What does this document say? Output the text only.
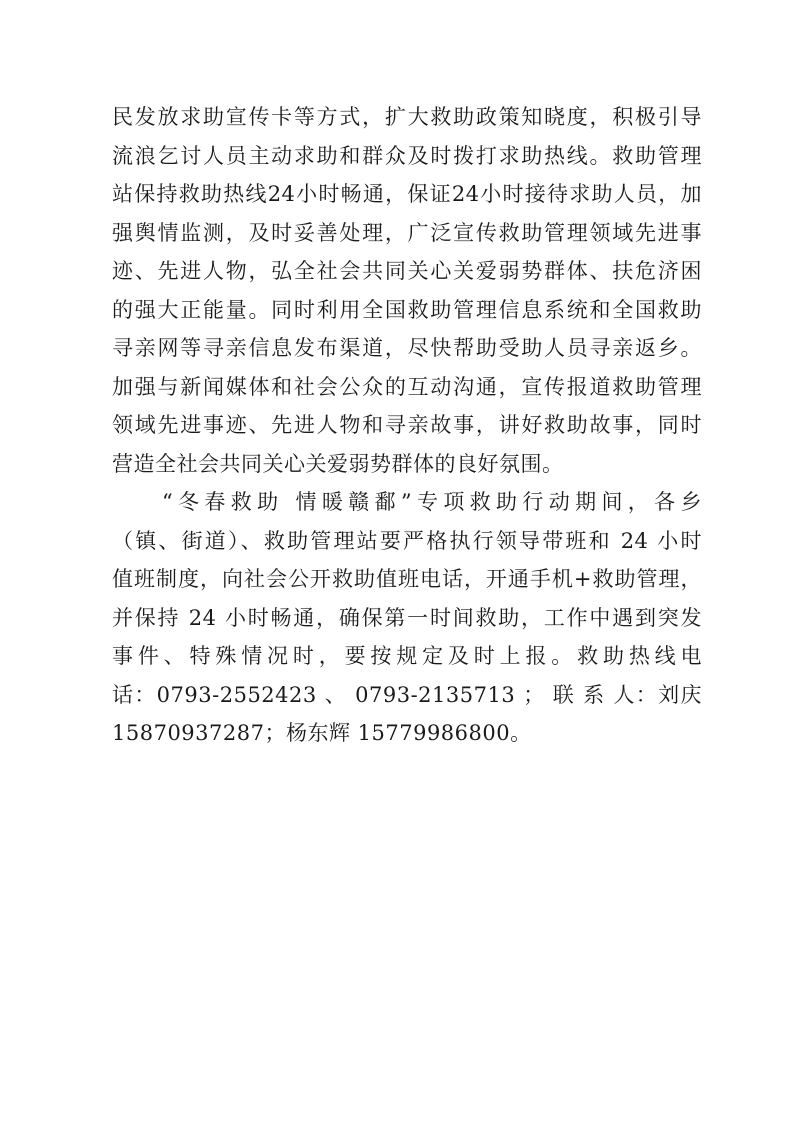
民发放求助宣传卡等方式，扩大救助政策知晓度，积极引导
流浪乞讨人员主动求助和群众及时拨打求助热线。救助管理
站保持救助热线24小时畅通，保证24小时接待求助人员，加
强舆情监测，及时妥善处理，广泛宣传救助管理领域先进事
迹、先进人物，弘全社会共同关心关爱弱势群体、扶危济困
的强大正能量。同时利用全国救助管理信息系统和全国救助
寻亲网等寻亲信息发布渠道，尽快帮助受助人员寻亲返乡。
加强与新闻媒体和社会公众的互动沟通，宣传报道救助管理
领域先进事迹、先进人物和寻亲故事，讲好救助故事，同时
营造全社会共同关心关爱弱势群体的良好氛围。
“冬春救助 情暖赣鄱”专项救助行动期间，各乡
（镇、街道）、救助管理站要严格执行领导带班和 24 小时
值班制度，向社会公开救助值班电话，开通手机+救助管理，
并保持 24 小时畅通，确保第一时间救助，工作中遇到突发
事件、特殊情况时，要按规定及时上报。救助热线电
话：0793-2552423 、 0793-2135713 ； 联 系 人：刘庆
15870937287；杨东辉 15779986800。
